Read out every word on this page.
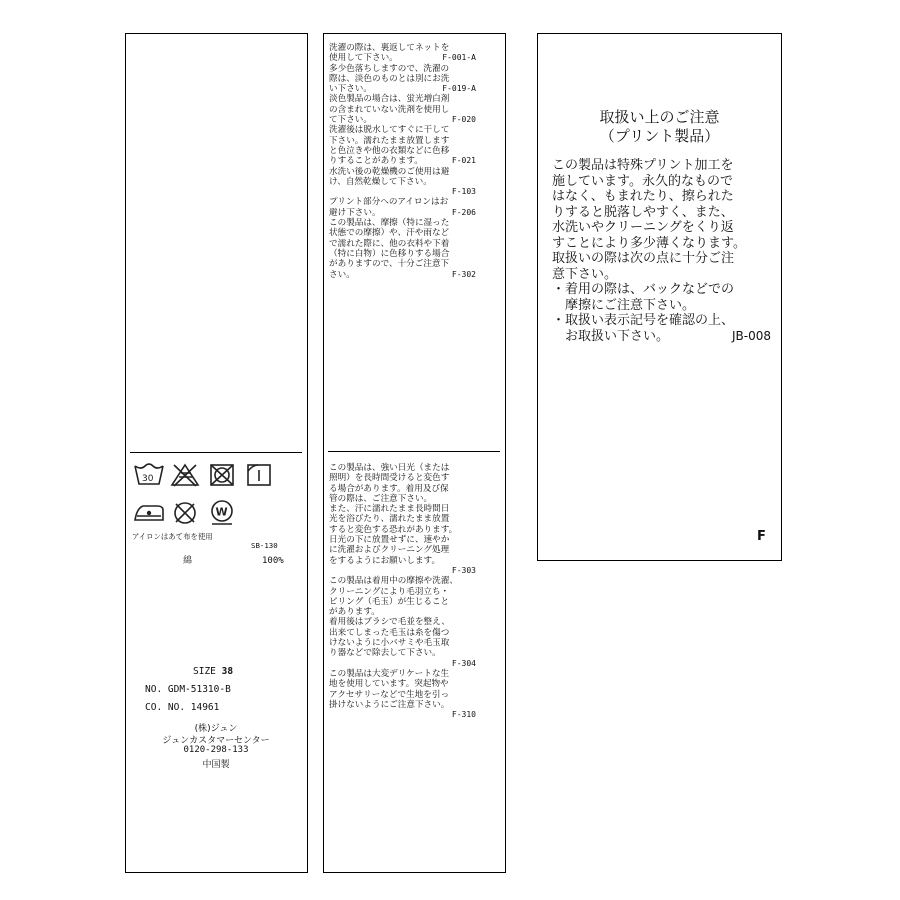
30
W
アイロンはあて布を使用
SB-130
綿	100%
SIZE 38
NO. GDM-51310-B
CO. NO. 14961
(株)ジュン
ジュンカスタマーセンター
0120-298-133
中国製
洗濯の際は、裏返してネットを
使用して下さい。	F-001-A
多少色落ちしますので、洗濯の
際は、淡色のものとは別にお洗
い下さい。	F-019-A
淡色製品の場合は、蛍光増白剤
の含まれていない洗剤を使用し
て下さい。	F-020
洗濯後は脱水してすぐに干して
下さい。濡れたまま放置します
と色泣きや他の衣類などに色移
りすることがあります。	F-021
水洗い後の乾燥機のご使用は避
け、自然乾燥して下さい。
F-103
プリント部分へのアイロンはお
避け下さい。	F-206
この製品は、摩擦（特に湿った
状態での摩擦）や、汗や雨など
で濡れた際に、他の衣料や下着
（特に白物）に色移りする場合
がありますので、十分ご注意下
さい。	F-302
この製品は、強い日光（または
照明）を長時間受けると変色す
る場合があります。着用及び保
管の際は、ご注意下さい。
また、汗に濡れたまま長時間日
光を浴びたり、濡れたまま放置
すると変色する恐れがあります。
日光の下に放置せずに、速やか
に洗濯およびクリーニング処理
をするようにお願いします。
F-303
この製品は着用中の摩擦や洗濯、
クリーニングにより毛羽立ち・
ピリング（毛玉）が生じること
があります。
着用後はブラシで毛並を整え、
出来てしまった毛玉は糸を傷つ
けないように小バサミや毛玉取
り器などで除去して下さい。
F-304
この製品は大変デリケートな生
地を使用しています。突起物や
アクセサリーなどで生地を引っ
掛けないようにご注意下さい。
F-310
取扱い上のご注意
（プリント製品）
この製品は特殊プリント加工を
施しています。永久的なもので
はなく、もまれたり、擦られた
りすると脱落しやすく、また、
水洗いやクリーニングをくり返
すことにより多少薄くなります。
取扱いの際は次の点に十分ご注
意下さい。
・着用の際は、バックなどでの
　摩擦にご注意下さい。
・取扱い表示記号を確認の上、
　お取扱い下さい。	JB-008
F
